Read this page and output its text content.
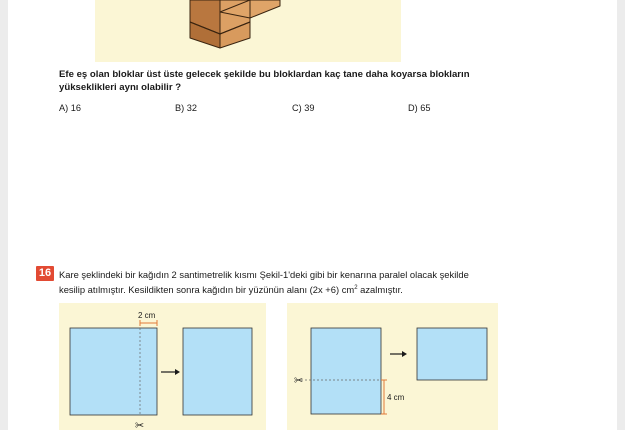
Efe eş olan bloklar üst üste gelecek şekilde bu bloklardan kaç tane daha koyarsa blokların
yükseklikleri aynı olabilir ?
A) 16	B) 32	C) 39	D) 65
16 Kare şeklindeki bir kağıdın 2 santimetrelik kısmı Şekil-1'deki gibi bir kenarına paralel olacak şekilde
kesilip atılmıştır. Kesildikten sonra kağıdın bir yüzünün alanı (2x +6) $cm^2$ azalmıştır.
2 cm
✂
✂
4 cm
